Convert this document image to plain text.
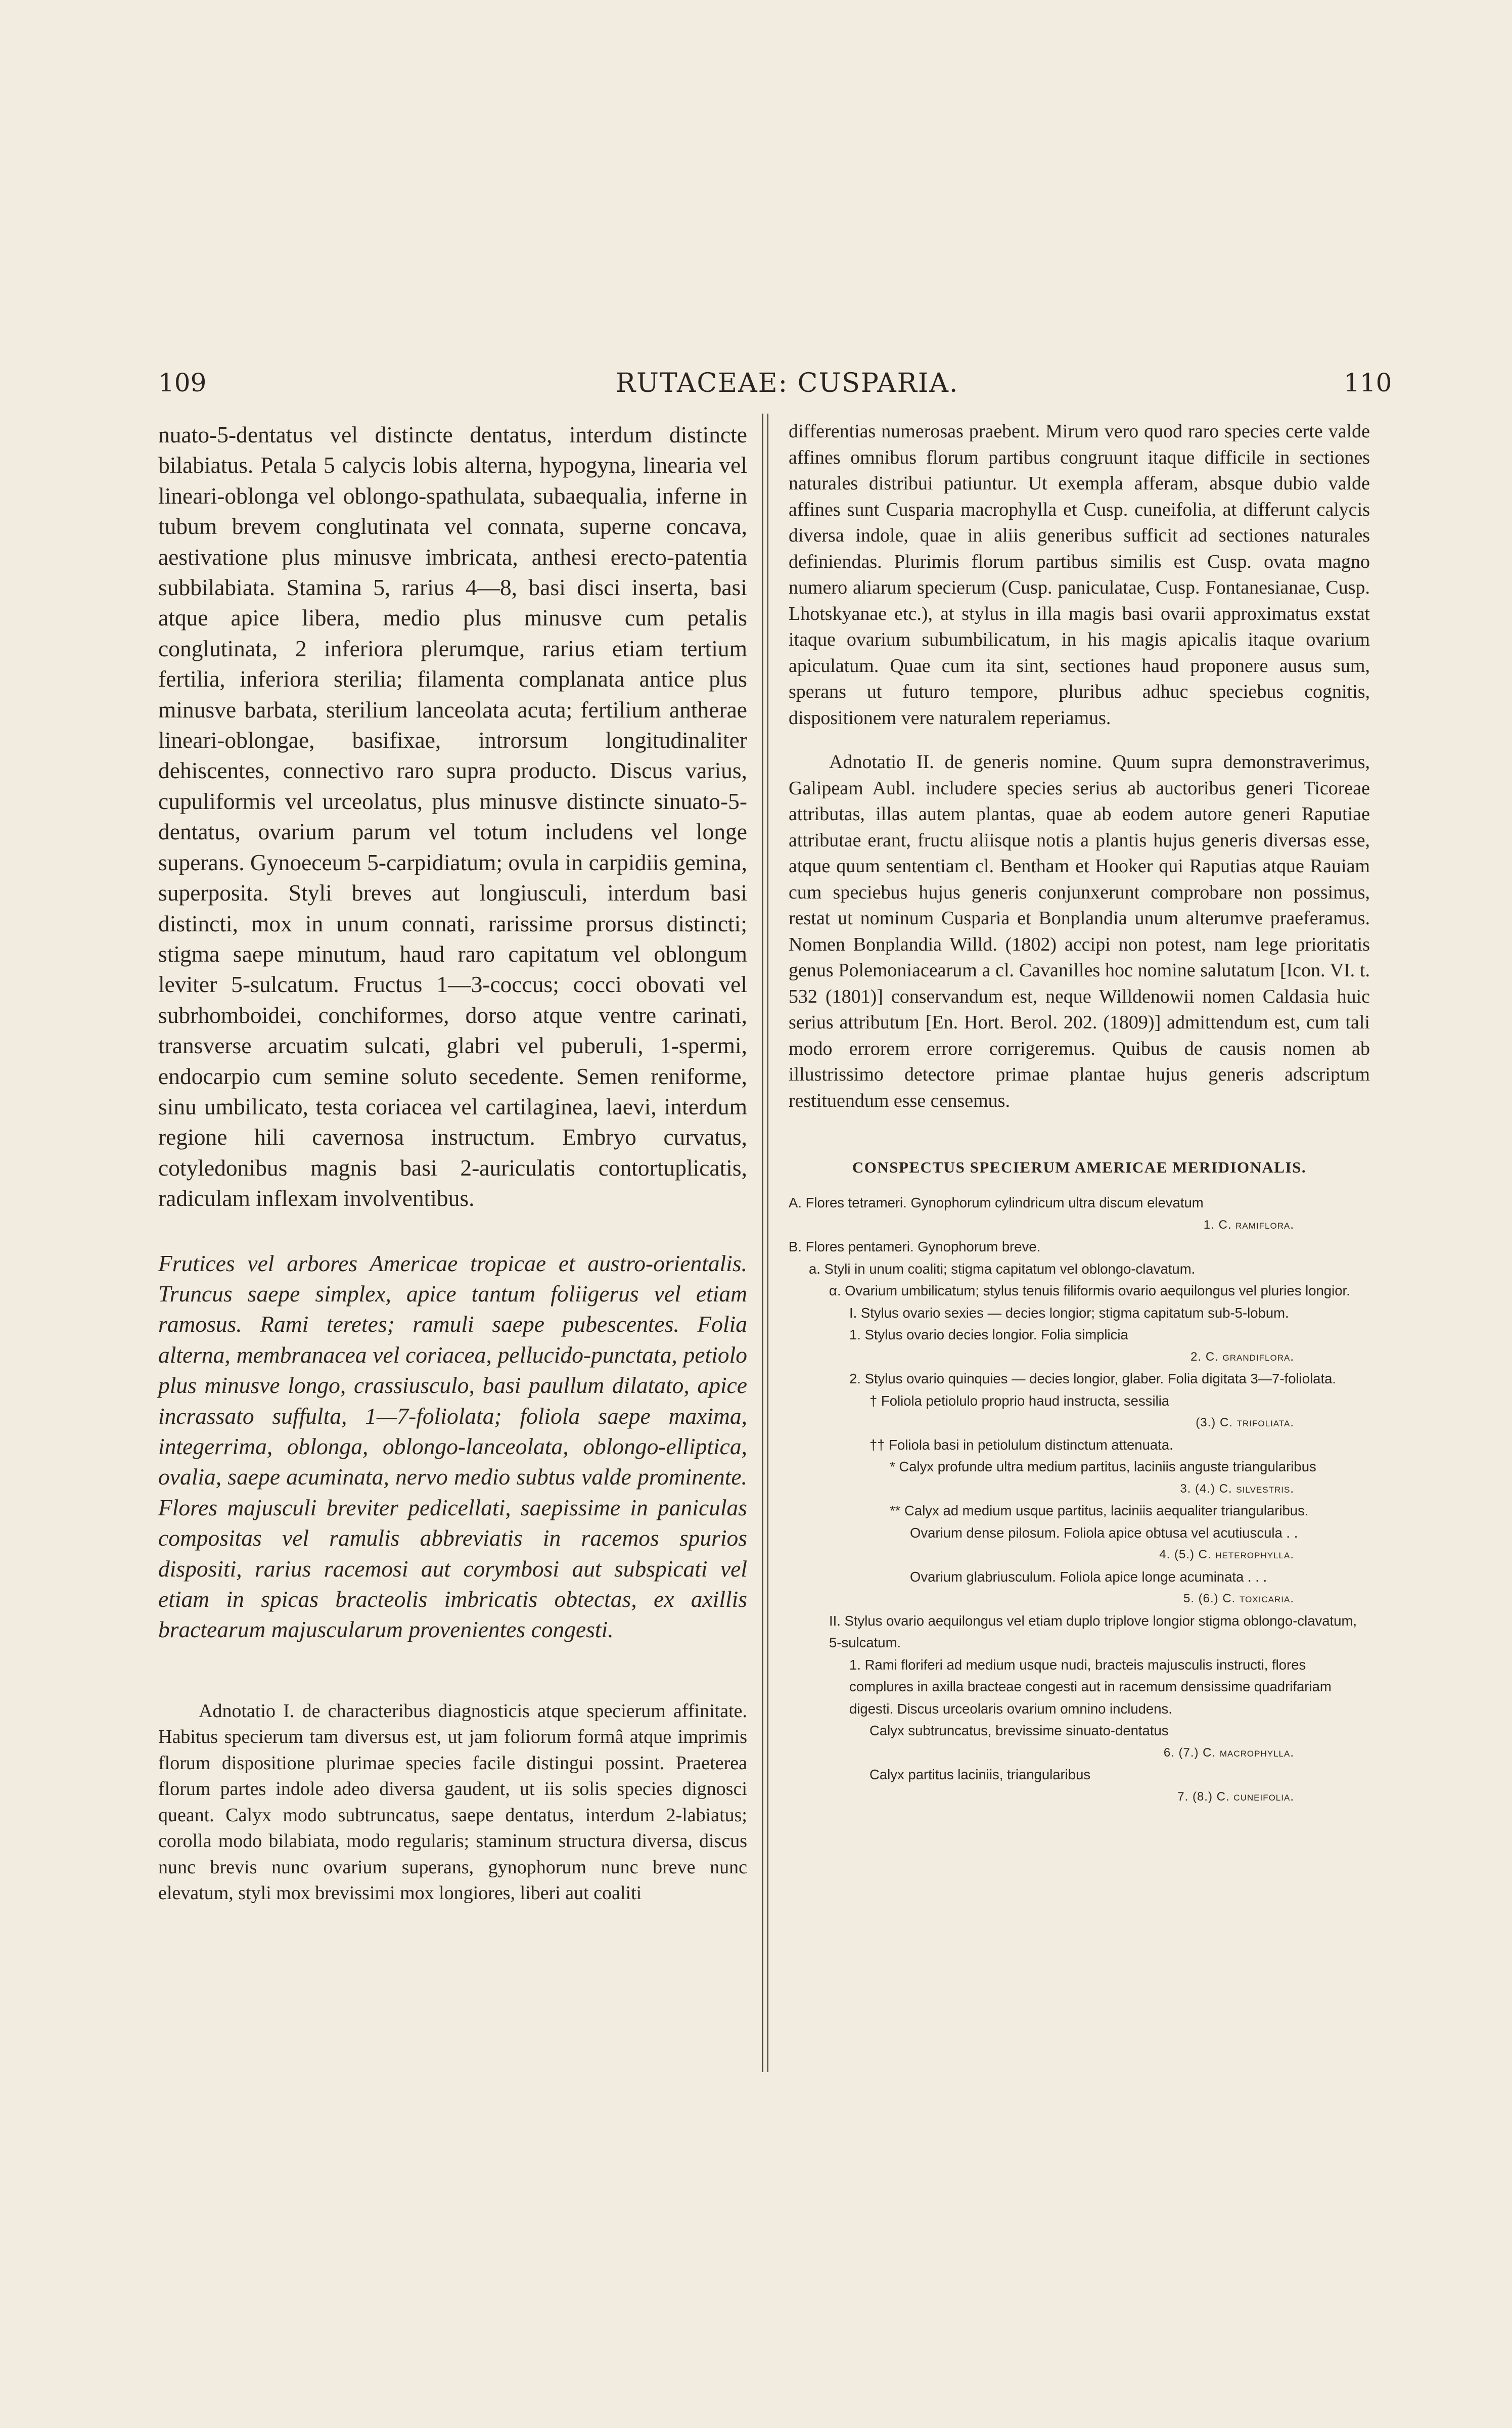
109	RUTACEAE: CUSPARIA.	110

nuato-5-dentatus vel distincte dentatus, interdum distincte bilabiatus. Petala 5 calycis lobis alterna, hypogyna, linearia vel lineari-oblonga vel oblongo-spathulata, subaequalia, inferne in tubum brevem conglutinata vel connata, superne concava, aestivatione plus minusve imbricata, anthesi erecto-patentia subbilabiata. Stamina 5, rarius 4—8, basi disci inserta, basi atque apice libera, medio plus minusve cum petalis conglutinata, 2 inferiora plerumque, rarius etiam tertium fertilia, inferiora sterilia; filamenta complanata antice plus minusve barbata, sterilium lanceolata acuta; fertilium antherae lineari-oblongae, basifixae, introrsum longitudinaliter dehiscentes, connectivo raro supra producto. Discus varius, cupuliformis vel urceolatus, plus minusve distincte sinuato-5-dentatus, ovarium parum vel totum includens vel longe superans. Gynoeceum 5-carpidiatum; ovula in carpidiis gemina, superposita. Styli breves aut longiusculi, interdum basi distincti, mox in unum connati, rarissime prorsus distincti; stigma saepe minutum, haud raro capitatum vel oblongum leviter 5-sulcatum. Fructus 1—3-coccus; cocci obovati vel subrhomboidei, conchiformes, dorso atque ventre carinati, transverse arcuatim sulcati, glabri vel puberuli, 1-spermi, endocarpio cum semine soluto secedente. Semen reniforme, sinu umbilicato, testa coriacea vel cartilaginea, laevi, interdum regione hili cavernosa instructum. Embryo curvatus, cotyledonibus magnis basi 2-auriculatis contortuplicatis, radiculam inflexam involventibus.

Frutices vel arbores Americae tropicae et austro-orientalis. Truncus saepe simplex, apice tantum foliigerus vel etiam ramosus. Rami teretes; ramuli saepe pubescentes. Folia alterna, membranacea vel coriacea, pellucido-punctata, petiolo plus minusve longo, crassiusculo, basi paullum dilatato, apice incrassato suffulta, 1—7-foliolata; foliola saepe maxima, integerrima, oblonga, oblongo-lanceolata, oblongo-elliptica, ovalia, saepe acuminata, nervo medio subtus valde prominente. Flores majusculi breviter pedicellati, saepissime in paniculas compositas vel ramulis abbreviatis in racemos spurios dispositi, rarius racemosi aut corymbosi aut subspicati vel etiam in spicas bracteolis imbricatis obtectas, ex axillis bractearum majuscularum provenientes congesti.

Adnotatio I. de characteribus diagnosticis atque specierum affinitate. Habitus specierum tam diversus est, ut jam foliorum formâ atque imprimis florum dispositione plurimae species facile distingui possint. Praeterea florum partes indole adeo diversa gaudent, ut iis solis species dignosci queant. Calyx modo subtruncatus, saepe dentatus, interdum 2-labiatus; corolla modo bilabiata, modo regularis; staminum structura diversa, discus nunc brevis nunc ovarium superans, gynophorum nunc breve nunc elevatum, styli mox brevissimi mox longiores, liberi aut coaliti

differentias numerosas praebent. Mirum vero quod raro species certe valde affines omnibus florum partibus congruunt itaque difficile in sectiones naturales distribui patiuntur. Ut exempla afferam, absque dubio valde affines sunt Cusparia macrophylla et Cusp. cuneifolia, at differunt calycis diversa indole, quae in aliis generibus sufficit ad sectiones naturales definiendas. Plurimis florum partibus similis est Cusp. ovata magno numero aliarum specierum (Cusp. paniculatae, Cusp. Fontanesianae, Cusp. Lhotskyanae etc.), at stylus in illa magis basi ovarii approximatus exstat itaque ovarium subumbilicatum, in his magis apicalis itaque ovarium apiculatum. Quae cum ita sint, sectiones haud proponere ausus sum, sperans ut futuro tempore, pluribus adhuc speciebus cognitis, dispositionem vere naturalem reperiamus.

Adnotatio II. de generis nomine. Quum supra demonstraverimus, Galipeam Aubl. includere species serius ab auctoribus generi Ticoreae attributas, illas autem plantas, quae ab eodem autore generi Raputiae attributae erant, fructu aliisque notis a plantis hujus generis diversas esse, atque quum sententiam cl. Bentham et Hooker qui Raputias atque Rauiam cum speciebus hujus generis conjunxerunt comprobare non possimus, restat ut nominum Cusparia et Bonplandia unum alterumve praeferamus. Nomen Bonplandia Willd. (1802) accipi non potest, nam lege prioritatis genus Polemoniacearum a cl. Cavanilles hoc nomine salutatum [Icon. VI. t. 532 (1801)] conservandum est, neque Willdenowii nomen Caldasia huic serius attributum [En. Hort. Berol. 202. (1809)] admittendum est, cum tali modo errorem errore corrigeremus. Quibus de causis nomen ab illustrissimo detectore primae plantae hujus generis adscriptum restituendum esse censemus.

CONSPECTUS SPECIERUM AMERICAE MERIDIONALIS.
A. Flores tetrameri. Gynophorum cylindricum ultra discum elevatum
1. C. ramiflora.
B. Flores pentameri. Gynophorum breve.
a. Styli in unum coaliti; stigma capitatum vel oblongo-clavatum.
α. Ovarium umbilicatum; stylus tenuis filiformis ovario aequilongus vel pluries longior.
I. Stylus ovario sexies — decies longior; stigma capitatum sub-5-lobum.
1. Stylus ovario decies longior. Folia simplicia
2. C. grandiflora.
2. Stylus ovario quinquies — decies longior, glaber. Folia digitata 3—7-foliolata.
† Foliola petiolulo proprio haud instructa, sessilia
(3.) C. trifoliata.
†† Foliola basi in petiolulum distinctum attenuata.
* Calyx profunde ultra medium partitus, laciniis anguste triangularibus
3. (4.) C. silvestris.
** Calyx ad medium usque partitus, laciniis aequaliter triangularibus.
Ovarium dense pilosum. Foliola apice obtusa vel acutiuscula . .
4. (5.) C. heterophylla.
Ovarium glabriusculum. Foliola apice longe acuminata . . .
5. (6.) C. toxicaria.
II. Stylus ovario aequilongus vel etiam duplo triplove longior stigma oblongo-clavatum, 5-sulcatum.
1. Rami floriferi ad medium usque nudi, bracteis majusculis instructi, flores complures in axilla bracteae congesti aut in racemum densissime quadrifariam digesti. Discus urceolaris ovarium omnino includens.
Calyx subtruncatus, brevissime sinuato-dentatus
6. (7.) C. macrophylla.
Calyx partitus laciniis, triangularibus
7. (8.) C. cuneifolia.
